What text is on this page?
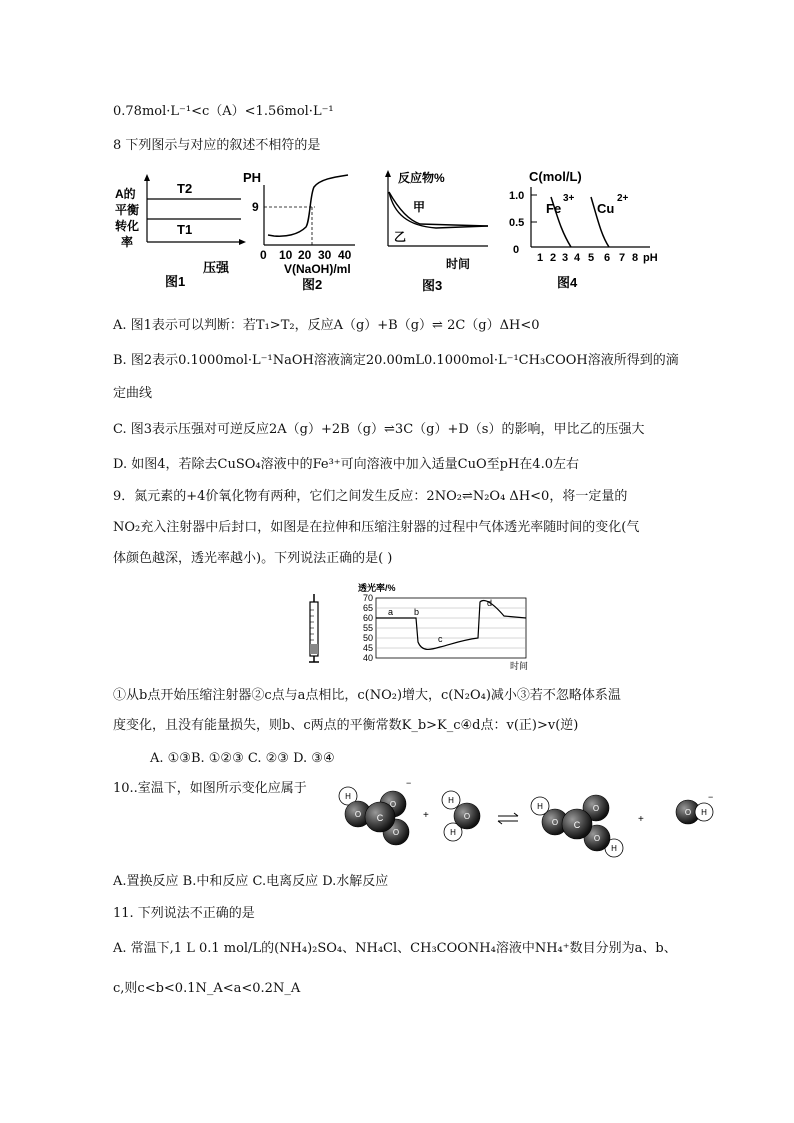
0.78mol·L⁻¹<c（A）<1.56mol·L⁻¹
8 下列图示与对应的叙述不相符的是
A的
平衡
转化
率
T2
T1
压强
图1
PH
9
0 10 20 30 40
V(NaOH)/ml
图2
反应物%
甲
乙
时间
图3
C(mol/L)
1.0
0.5
0
Fe
3+
Cu
2+
1 2 3 4 5 6 7 8 pH
图4
A. 图1表示可以判断：若T₁>T₂，反应A（g）+B（g）⇌ 2C（g）ΔH<0
B. 图2表示0.1000mol·L⁻¹NaOH溶液滴定20.00mL0.1000mol·L⁻¹CH₃COOH溶液所得到的滴
定曲线
C. 图3表示压强对可逆反应2A（g）+2B（g）⇌3C（g）+D（s）的影响，甲比乙的压强大
D. 如图4，若除去CuSO₄溶液中的Fe³⁺可向溶液中加入适量CuO至pH在4.0左右
9．氮元素的+4价氧化物有两种，它们之间发生反应：2NO₂⇌N₂O₄ ΔH<0，将一定量的
NO₂充入注射器中后封口，如图是在拉伸和压缩注射器的过程中气体透光率随时间的变化(气
体颜色越深，透光率越小)。下列说法正确的是( )
透光率/%
70
65
60
55
50
45
40
a b
c
d
时间
①从b点开始压缩注射器②c点与a点相比，c(NO₂)增大，c(N₂O₄)减小③若不忽略体系温
度变化，且没有能量损失，则b、c两点的平衡常数K_b>K_c④d点：v(正)>v(逆)
A. ①③B. ①②③ C. ②③ D. ③④
10..室温下，如图所示变化应属于
H
O
O
O
C
−
+
H
H
O
H
H
O
O
O
C	+
O H
−
A.置换反应 B.中和反应 C.电离反应 D.水解反应
11. 下列说法不正确的是
A. 常温下,1 L 0.1 mol/L的(NH₄)₂SO₄、NH₄Cl、CH₃COONH₄溶液中NH₄⁺数目分别为a、b、
c,则c<b<0.1N_A<a<0.2N_A
